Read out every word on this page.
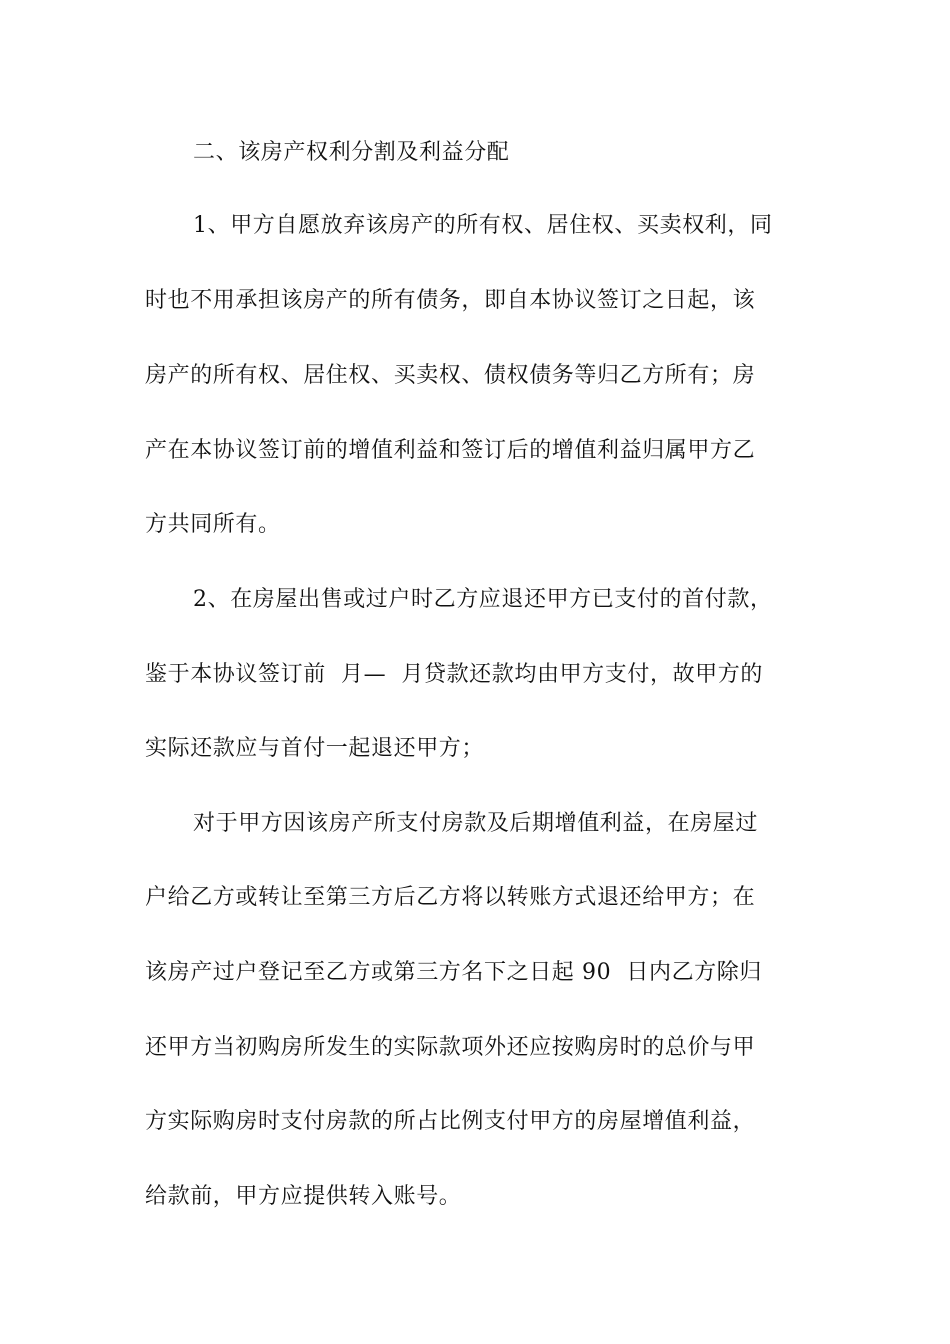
二、该房产权利分割及利益分配
1、甲方自愿放弃该房产的所有权、居住权、买卖权利，同
时也不用承担该房产的所有债务，即自本协议签订之日起，该
房产的所有权、居住权、买卖权、债权债务等归乙方所有；房
产在本协议签订前的增值利益和签订后的增值利益归属甲方乙
方共同所有。
2、在房屋出售或过户时乙方应退还甲方已支付的首付款，
鉴于本协议签订前  月—  月贷款还款均由甲方支付，故甲方的
实际还款应与首付一起退还甲方；
对于甲方因该房产所支付房款及后期增值利益，在房屋过
户给乙方或转让至第三方后乙方将以转账方式退还给甲方；在
该房产过户登记至乙方或第三方名下之日起 90  日内乙方除归
还甲方当初购房所发生的实际款项外还应按购房时的总价与甲
方实际购房时支付房款的所占比例支付甲方的房屋增值利益，
给款前，甲方应提供转入账号。
